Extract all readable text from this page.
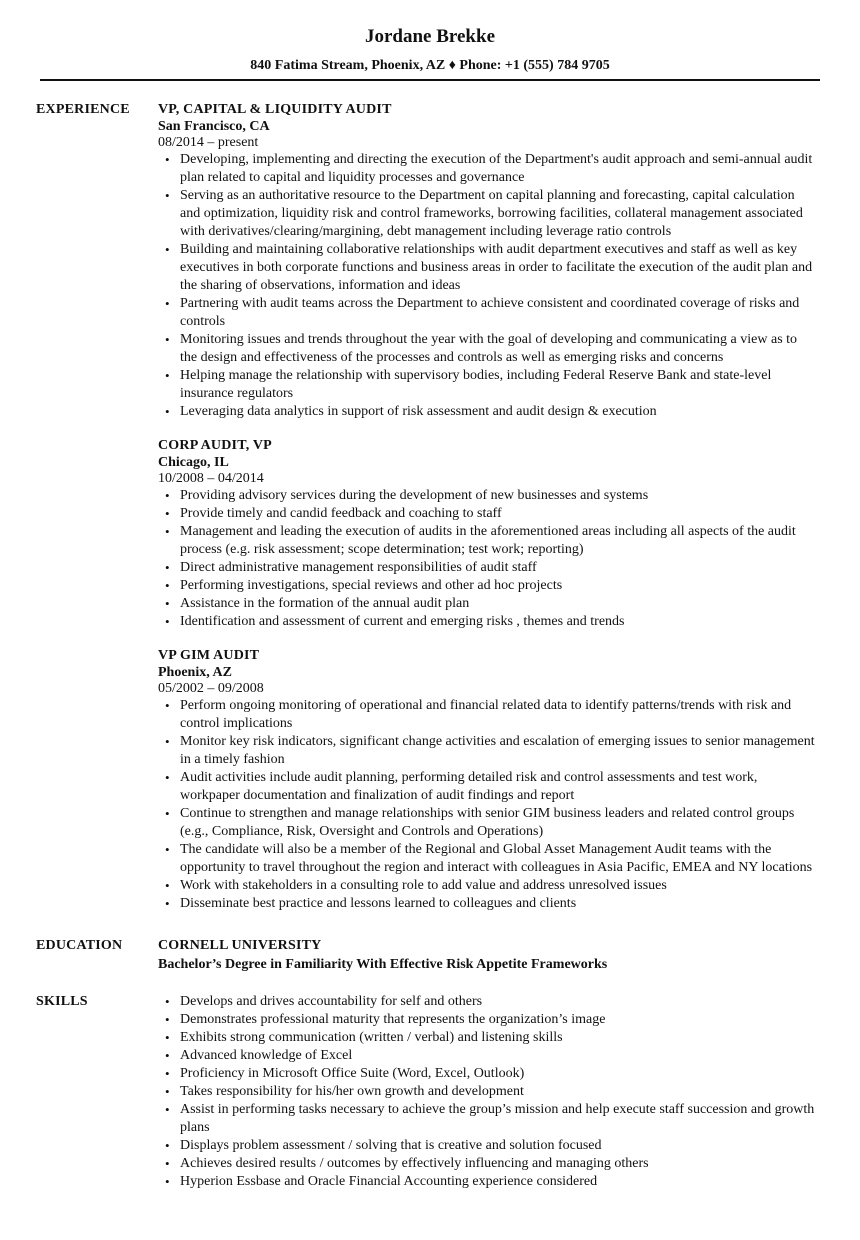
Jordane Brekke
840 Fatima Stream, Phoenix, AZ ♦ Phone: +1 (555) 784 9705
EXPERIENCE VP, CAPITAL & LIQUIDITY AUDIT
San Francisco, CA
08/2014 – present
• Developing, implementing and directing the execution of the Department's audit approach and semi-annual audit plan related to capital and liquidity processes and governance
• Serving as an authoritative resource to the Department on capital planning and forecasting, capital calculation and optimization, liquidity risk and control frameworks, borrowing facilities, collateral management associated with derivatives/clearing/margining, debt management including leverage ratio controls
• Building and maintaining collaborative relationships with audit department executives and staff as well as key executives in both corporate functions and business areas in order to facilitate the execution of the audit plan and the sharing of observations, information and ideas
• Partnering with audit teams across the Department to achieve consistent and coordinated coverage of risks and controls
• Monitoring issues and trends throughout the year with the goal of developing and communicating a view as to the design and effectiveness of the processes and controls as well as emerging risks and concerns
• Helping manage the relationship with supervisory bodies, including Federal Reserve Bank and state-level insurance regulators
• Leveraging data analytics in support of risk assessment and audit design & execution
CORP AUDIT, VP
Chicago, IL
10/2008 – 04/2014
• Providing advisory services during the development of new businesses and systems
• Provide timely and candid feedback and coaching to staff
• Management and leading the execution of audits in the aforementioned areas including all aspects of the audit process (e.g. risk assessment; scope determination; test work; reporting)
• Direct administrative management responsibilities of audit staff
• Performing investigations, special reviews and other ad hoc projects
• Assistance in the formation of the annual audit plan
• Identification and assessment of current and emerging risks , themes and trends
VP GIM AUDIT
Phoenix, AZ
05/2002 – 09/2008
• Perform ongoing monitoring of operational and financial related data to identify patterns/trends with risk and control implications
• Monitor key risk indicators, significant change activities and escalation of emerging issues to senior management in a timely fashion
• Audit activities include audit planning, performing detailed risk and control assessments and test work, workpaper documentation and finalization of audit findings and report
• Continue to strengthen and manage relationships with senior GIM business leaders and related control groups (e.g., Compliance, Risk, Oversight and Controls and Operations)
• The candidate will also be a member of the Regional and Global Asset Management Audit teams with the opportunity to travel throughout the region and interact with colleagues in Asia Pacific, EMEA and NY locations
• Work with stakeholders in a consulting role to add value and address unresolved issues
• Disseminate best practice and lessons learned to colleagues and clients
EDUCATION	CORNELL UNIVERSITY
Bachelor’s Degree in Familiarity With Effective Risk Appetite Frameworks
SKILLS
•	Develops and drives accountability for self and others
• Demonstrates professional maturity that represents the organization’s image
• Exhibits strong communication (written / verbal) and listening skills
• Advanced knowledge of Excel
• Proficiency in Microsoft Office Suite (Word, Excel, Outlook)
• Takes responsibility for his/her own growth and development
• Assist in performing tasks necessary to achieve the group’s mission and help execute staff succession and growth plans
• Displays problem assessment / solving that is creative and solution focused
• Achieves desired results / outcomes by effectively influencing and managing others
• Hyperion Essbase and Oracle Financial Accounting experience considered
